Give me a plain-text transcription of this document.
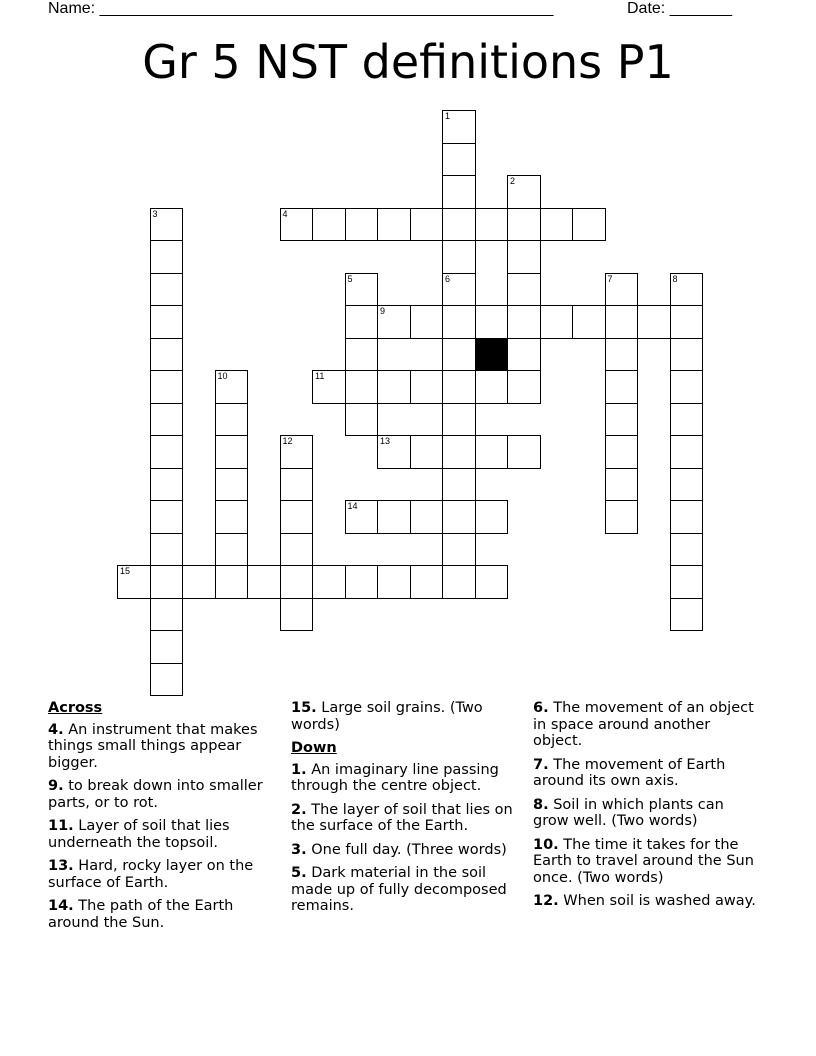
Name: ___________________________________________________	Date: _______
Gr 5 NST definitions P1
1
6
2
3	4
5	7	8
9
10	11
12	13
14
15
Across
4. An instrument that makes things small things appear bigger.
9. to break down into smaller parts, or to rot.
11. Layer of soil that lies underneath the topsoil.
13. Hard, rocky layer on the surface of Earth.
14. The path of the Earth around the Sun.
15. Large soil grains. (Two words)
Down
1. An imaginary line passing through the centre object.
2. The layer of soil that lies on the surface of the Earth.
3. One full day. (Three words)
5. Dark material in the soil made up of fully decomposed remains.
6. The movement of an object in space around another object.
7. The movement of Earth around its own axis.
8. Soil in which plants can grow well. (Two words)
10. The time it takes for the Earth to travel around the Sun once. (Two words)
12. When soil is washed away.
